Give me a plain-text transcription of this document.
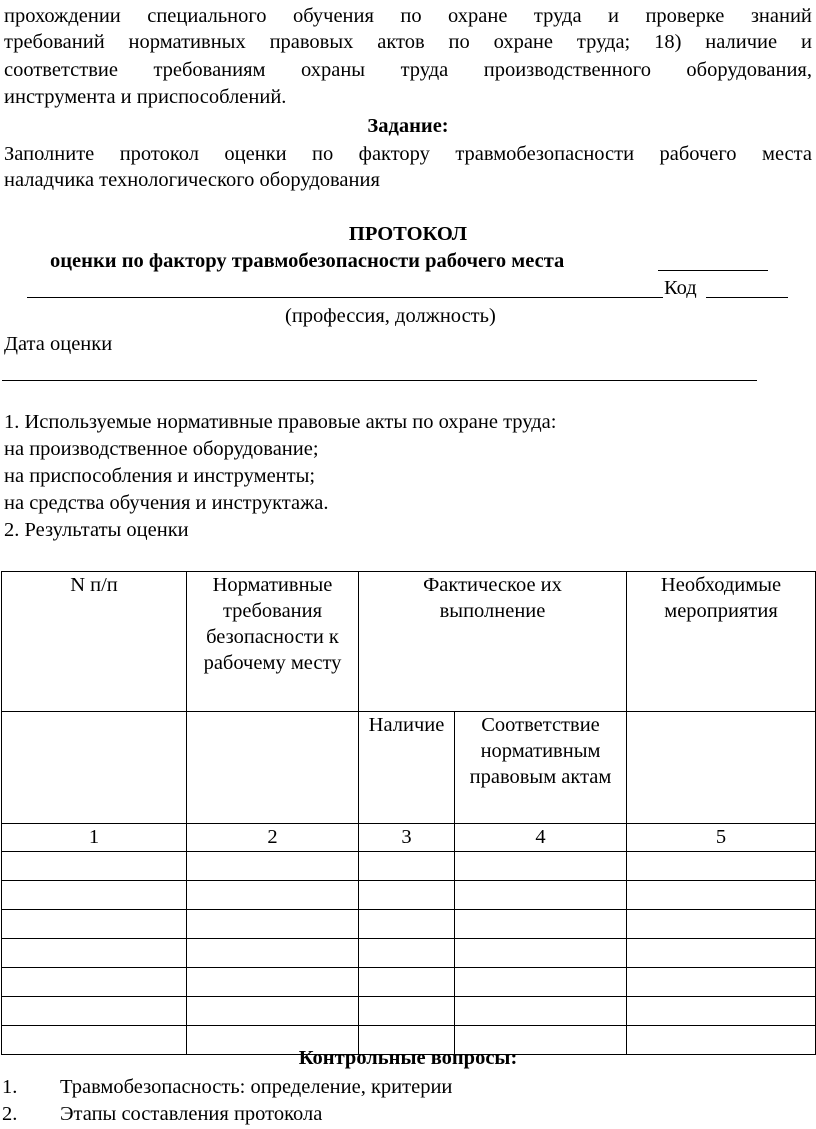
прохождении специального обучения по охране труда и проверке знаний
требований нормативных правовых актов по охране труда; 18) наличие и
соответствие требованиям охраны труда производственного оборудования,
инструмента и приспособлений.
Задание:
Заполните протокол оценки по фактору травмобезопасности рабочего места
наладчика технологического оборудования
ПРОТОКОЛ
оценки по фактору травмобезопасности рабочего места
Код
(профессия, должность)
Дата оценки
1. Используемые нормативные правовые акты по охране труда:
на производственное оборудование;
на приспособления и инструменты;
на средства обучения и инструктажа.
2. Результаты оценки
N п/п	Нормативные требования безопасности к рабочему месту	Фактическое их выполнение		Необходимые мероприятия
		Наличие	Соответствие нормативным правовым актам	
1	2	3	4	5

Контрольные вопросы:
1. Травмобезопасность: определение, критерии
2. Этапы составления протокола
